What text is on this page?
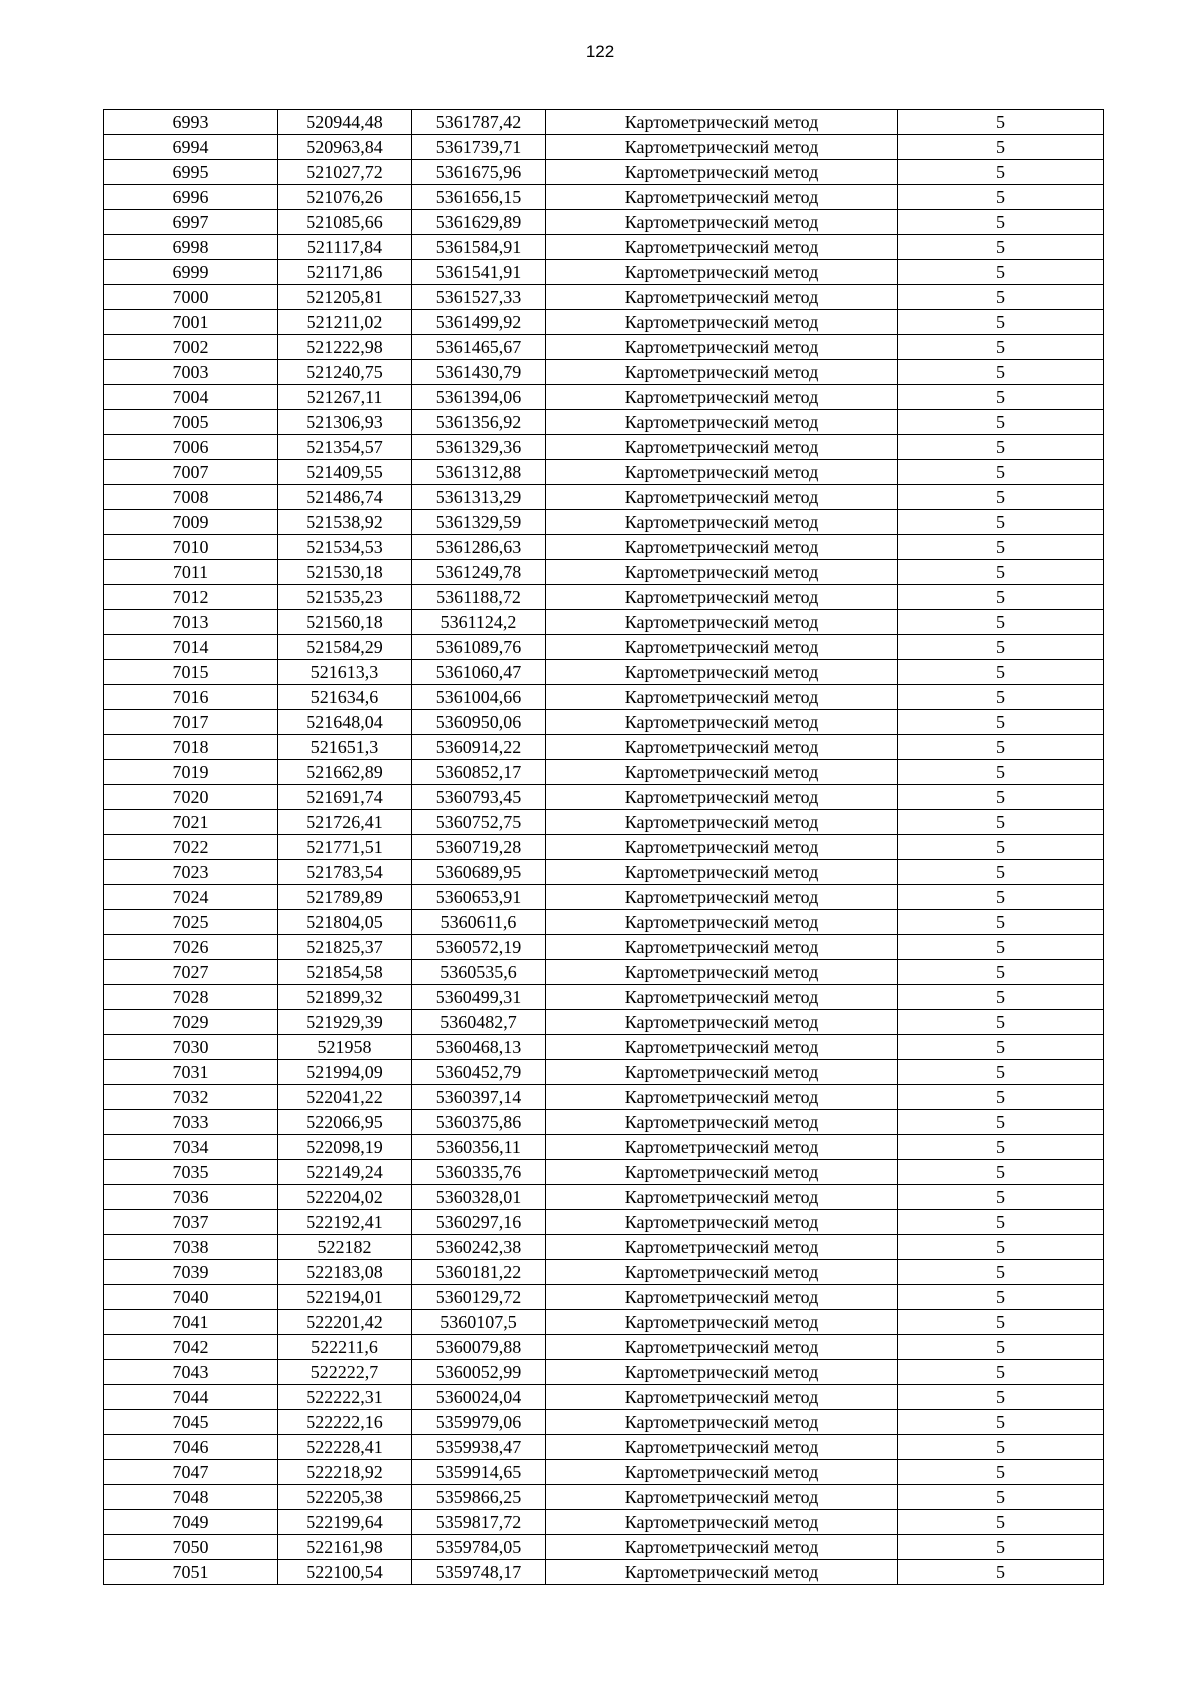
122
6993	520944,48	5361787,42	Картометрический метод	5
6994	520963,84	5361739,71	Картометрический метод	5
6995	521027,72	5361675,96	Картометрический метод	5
6996	521076,26	5361656,15	Картометрический метод	5
6997	521085,66	5361629,89	Картометрический метод	5
6998	521117,84	5361584,91	Картометрический метод	5
6999	521171,86	5361541,91	Картометрический метод	5
7000	521205,81	5361527,33	Картометрический метод	5
7001	521211,02	5361499,92	Картометрический метод	5
7002	521222,98	5361465,67	Картометрический метод	5
7003	521240,75	5361430,79	Картометрический метод	5
7004	521267,11	5361394,06	Картометрический метод	5
7005	521306,93	5361356,92	Картометрический метод	5
7006	521354,57	5361329,36	Картометрический метод	5
7007	521409,55	5361312,88	Картометрический метод	5
7008	521486,74	5361313,29	Картометрический метод	5
7009	521538,92	5361329,59	Картометрический метод	5
7010	521534,53	5361286,63	Картометрический метод	5
7011	521530,18	5361249,78	Картометрический метод	5
7012	521535,23	5361188,72	Картометрический метод	5
7013	521560,18	5361124,2	Картометрический метод	5
7014	521584,29	5361089,76	Картометрический метод	5
7015	521613,3	5361060,47	Картометрический метод	5
7016	521634,6	5361004,66	Картометрический метод	5
7017	521648,04	5360950,06	Картометрический метод	5
7018	521651,3	5360914,22	Картометрический метод	5
7019	521662,89	5360852,17	Картометрический метод	5
7020	521691,74	5360793,45	Картометрический метод	5
7021	521726,41	5360752,75	Картометрический метод	5
7022	521771,51	5360719,28	Картометрический метод	5
7023	521783,54	5360689,95	Картометрический метод	5
7024	521789,89	5360653,91	Картометрический метод	5
7025	521804,05	5360611,6	Картометрический метод	5
7026	521825,37	5360572,19	Картометрический метод	5
7027	521854,58	5360535,6	Картометрический метод	5
7028	521899,32	5360499,31	Картометрический метод	5
7029	521929,39	5360482,7	Картометрический метод	5
7030	521958	5360468,13	Картометрический метод	5
7031	521994,09	5360452,79	Картометрический метод	5
7032	522041,22	5360397,14	Картометрический метод	5
7033	522066,95	5360375,86	Картометрический метод	5
7034	522098,19	5360356,11	Картометрический метод	5
7035	522149,24	5360335,76	Картометрический метод	5
7036	522204,02	5360328,01	Картометрический метод	5
7037	522192,41	5360297,16	Картометрический метод	5
7038	522182	5360242,38	Картометрический метод	5
7039	522183,08	5360181,22	Картометрический метод	5
7040	522194,01	5360129,72	Картометрический метод	5
7041	522201,42	5360107,5	Картометрический метод	5
7042	522211,6	5360079,88	Картометрический метод	5
7043	522222,7	5360052,99	Картометрический метод	5
7044	522222,31	5360024,04	Картометрический метод	5
7045	522222,16	5359979,06	Картометрический метод	5
7046	522228,41	5359938,47	Картометрический метод	5
7047	522218,92	5359914,65	Картометрический метод	5
7048	522205,38	5359866,25	Картометрический метод	5
7049	522199,64	5359817,72	Картометрический метод	5
7050	522161,98	5359784,05	Картометрический метод	5
7051	522100,54	5359748,17	Картометрический метод	5
